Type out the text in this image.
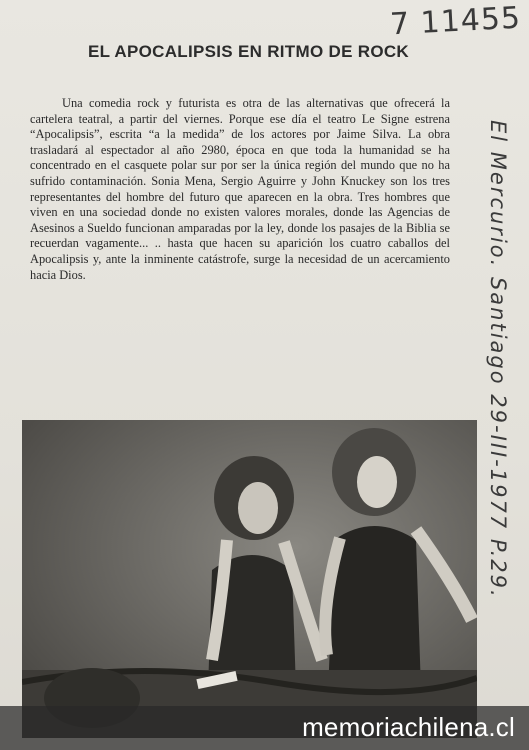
7 11455
EL APOCALIPSIS EN RITMO DE ROCK

Una comedia rock y futurista es otra de las alternativas que ofrecerá la cartelera teatral, a partir del viernes. Porque ese día el teatro Le Signe estrena “Apocalipsis”, escrita “a la medida” de los actores por Jaime Silva. La obra trasladará al espectador al año 2980, época en que toda la humanidad se ha concentrado en el casquete polar sur por ser la única región del mundo que no ha sufrido contaminación. Sonia Mena, Sergio Aguirre y John Knuckey son los tres representantes del hombre del futuro que aparecen en la obra. Tres hombres que viven en una sociedad donde no existen valores morales, donde las Agencias de Asesinos a Sueldo funcionan amparadas por la ley, donde los pasajes de la Biblia se recuerdan vagamente... .. hasta que hacen su aparición los cuatro caballos del Apocalipsis y, ante la inminente catástrofe, surge la necesidad de un acercamiento hacia Dios.	El Mercurio. Santiago 29-III-1977 P.29.
memoriachilena.cl
